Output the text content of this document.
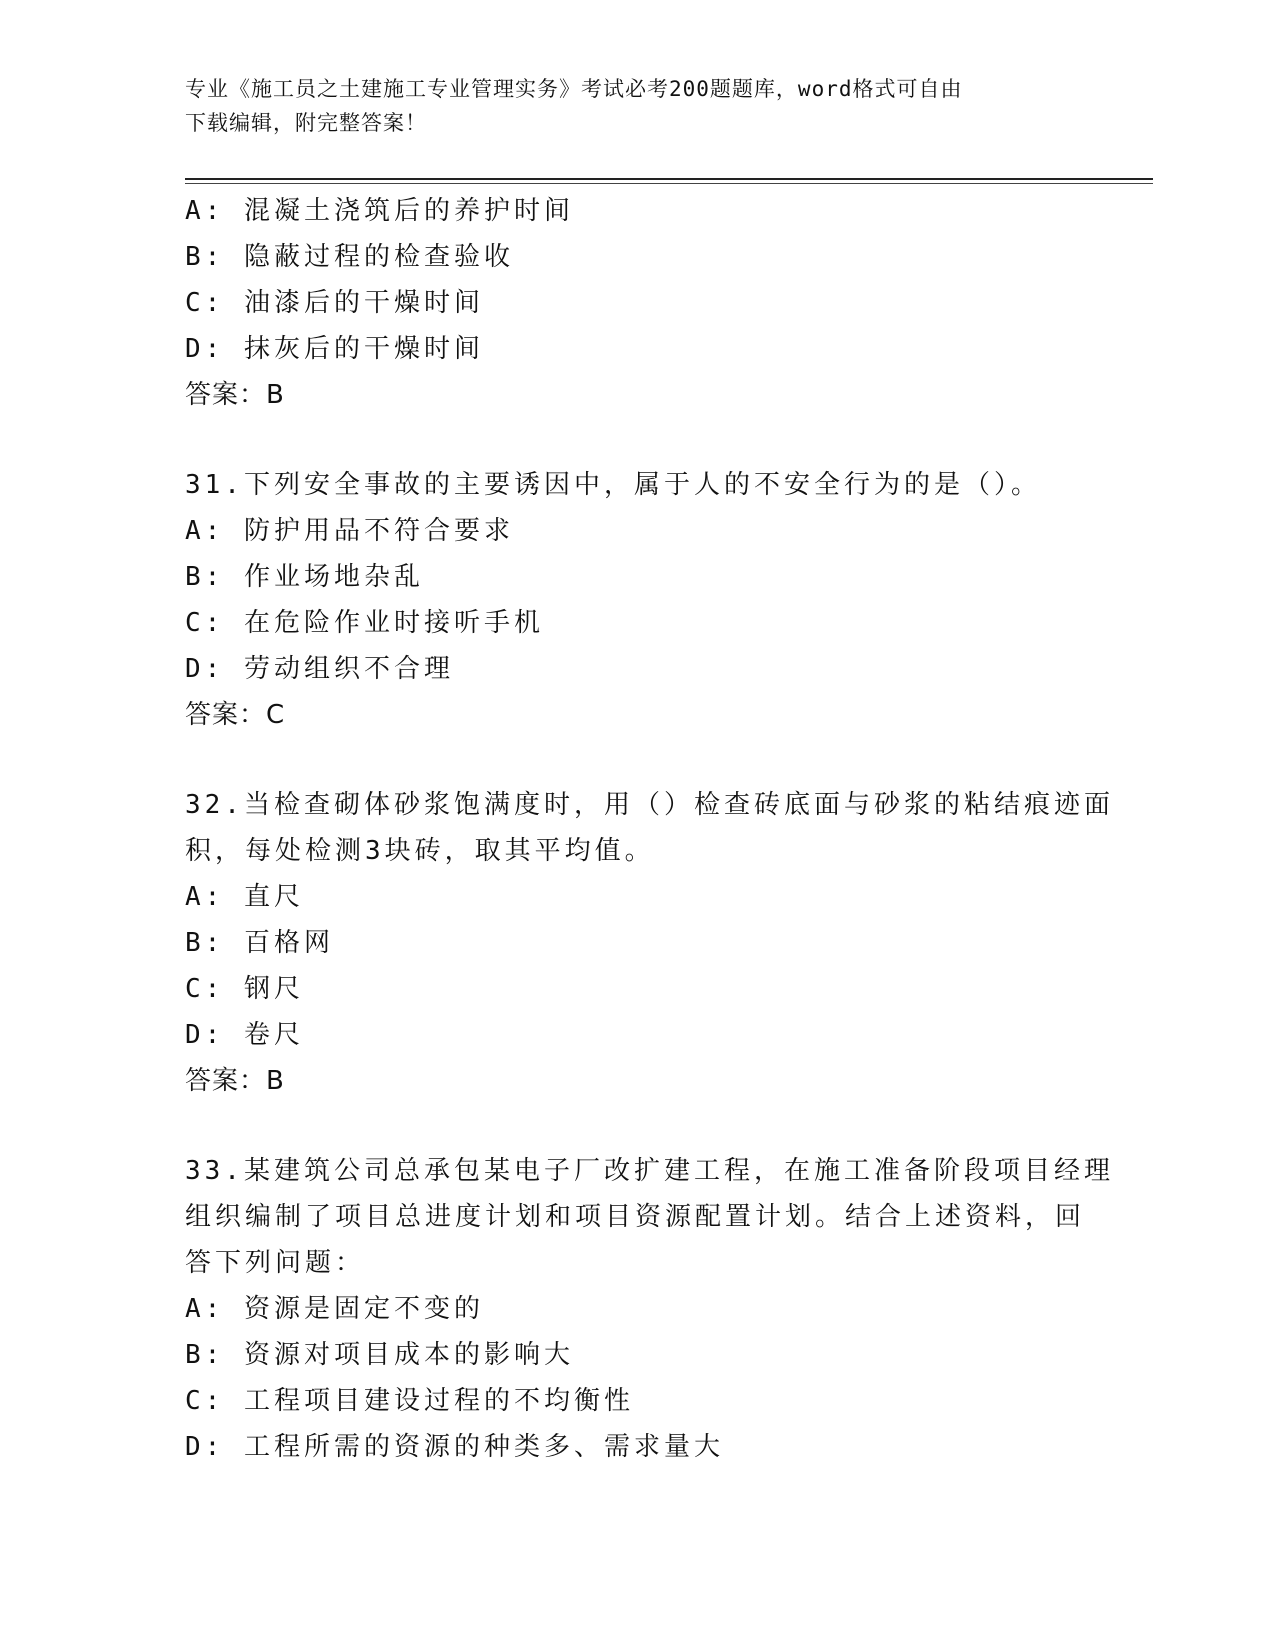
专业《施工员之土建施工专业管理实务》考试必考200题题库，word格式可自由
下载编辑，附完整答案！
A: 混凝土浇筑后的养护时间
B: 隐蔽过程的检查验收
C: 油漆后的干燥时间
D: 抹灰后的干燥时间
答案：B
31.下列安全事故的主要诱因中，属于人的不安全行为的是（）。
A: 防护用品不符合要求
B: 作业场地杂乱
C: 在危险作业时接听手机
D: 劳动组织不合理
答案：C
32.当检查砌体砂浆饱满度时，用（）检查砖底面与砂浆的粘结痕迹面
积，每处检测3块砖，取其平均值。
A: 直尺
B: 百格网
C: 钢尺
D: 卷尺
答案：B
33.某建筑公司总承包某电子厂改扩建工程，在施工准备阶段项目经理
组织编制了项目总进度计划和项目资源配置计划。结合上述资料，回
答下列问题：
A: 资源是固定不变的
B: 资源对项目成本的影响大
C: 工程项目建设过程的不均衡性
D: 工程所需的资源的种类多、需求量大
